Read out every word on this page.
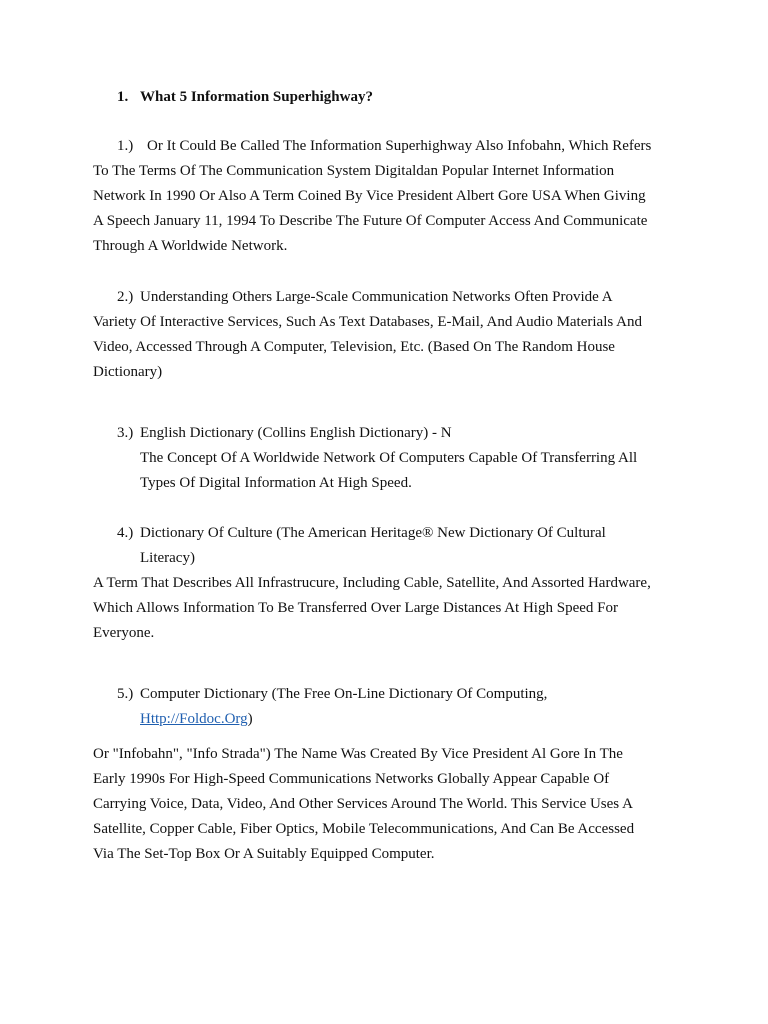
1. What 5 Information Superhighway?
1.) Or It Could Be Called The Information Superhighway Also Infobahn, Which Refers
To The Terms Of The Communication System Digitaldan Popular Internet Information
Network In 1990 Or Also A Term Coined By Vice President Albert Gore USA When Giving
A Speech January 11, 1994 To Describe The Future Of Computer Access And Communicate
Through A Worldwide Network.
2.) Understanding Others Large-Scale Communication Networks Often Provide A
Variety Of Interactive Services, Such As Text Databases, E-Mail, And Audio Materials And
Video, Accessed Through A Computer, Television, Etc. (Based On The Random House
Dictionary)
3.) English Dictionary (Collins English Dictionary) - N
The Concept Of A Worldwide Network Of Computers Capable Of Transferring All
Types Of Digital Information At High Speed.
4.) Dictionary Of Culture (The American Heritage® New Dictionary Of Cultural
Literacy)
A Term That Describes All Infrastrucure, Including Cable, Satellite, And Assorted Hardware,
Which Allows Information To Be Transferred Over Large Distances At High Speed For
Everyone.
5.) Computer Dictionary (The Free On-Line Dictionary Of Computing,
Http://Foldoc.Org)
Or "Infobahn", "Info Strada") The Name Was Created By Vice President Al Gore In The
Early 1990s For High-Speed Communications Networks Globally Appear Capable Of
Carrying Voice, Data, Video, And Other Services Around The World. This Service Uses A
Satellite, Copper Cable, Fiber Optics, Mobile Telecommunications, And Can Be Accessed
Via The Set-Top Box Or A Suitably Equipped Computer.
